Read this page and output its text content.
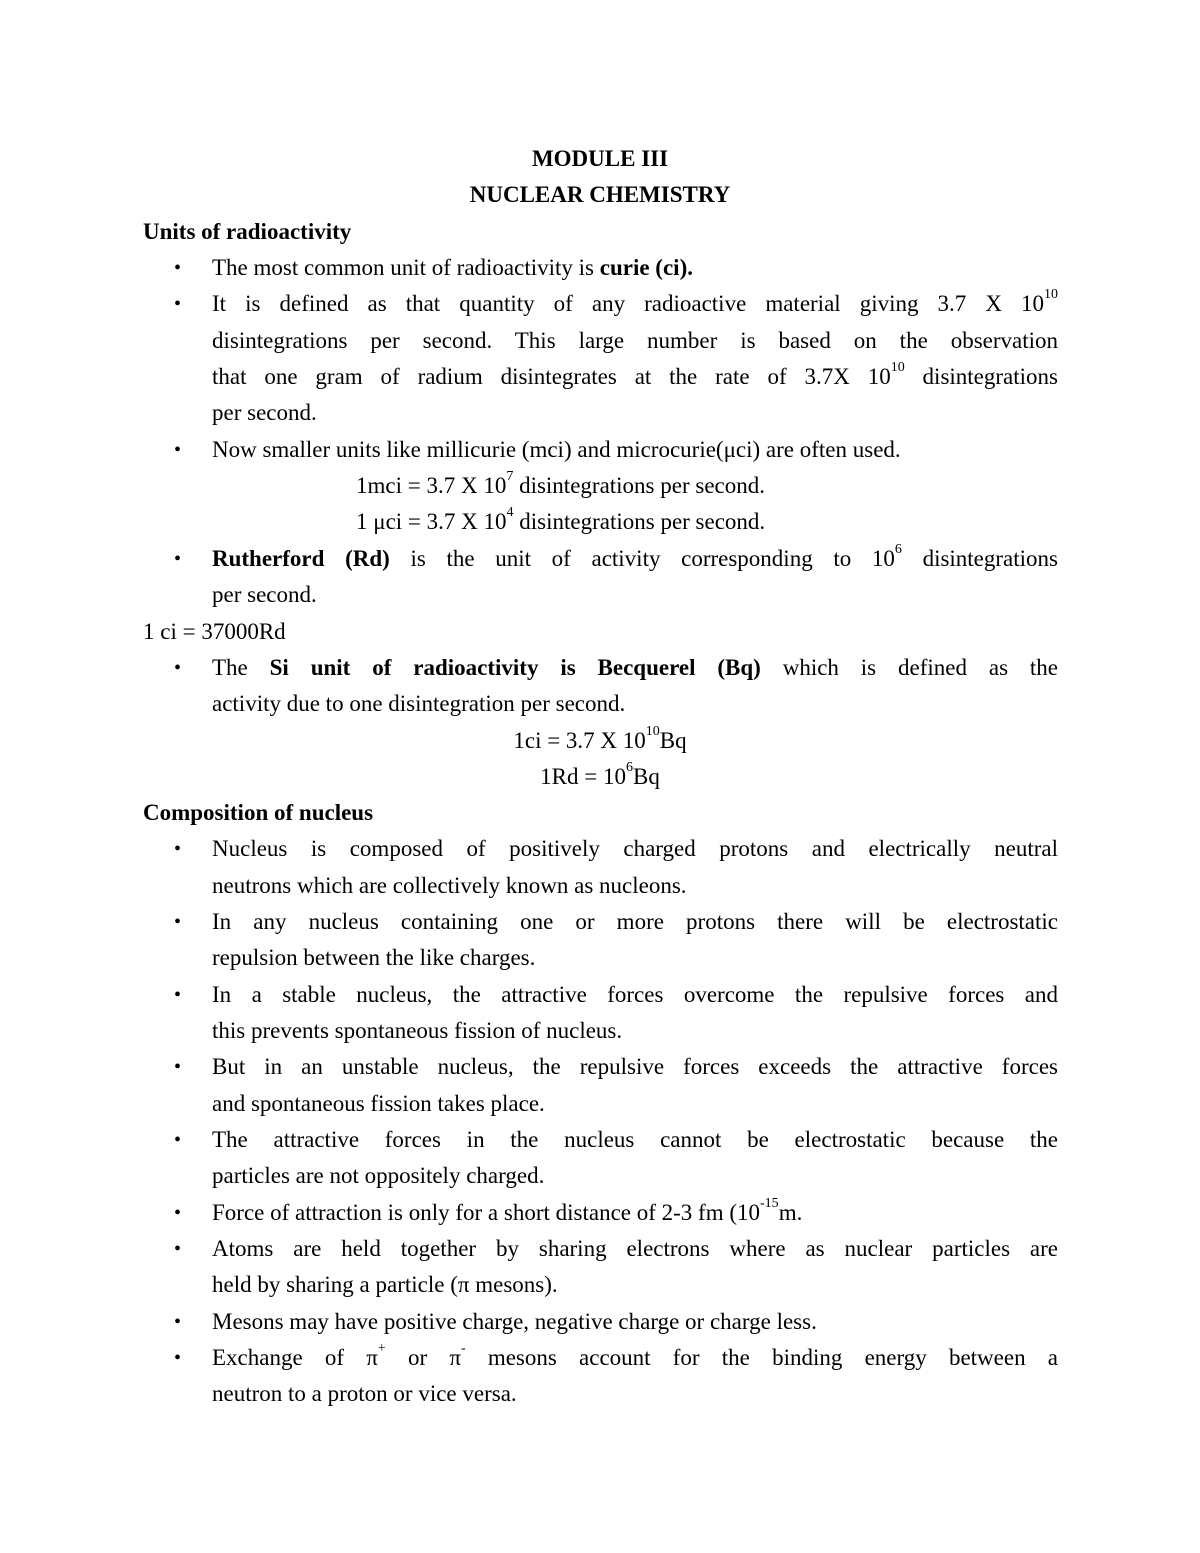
MODULE III
NUCLEAR CHEMISTRY
Units of radioactivity
•	The most common unit of radioactivity is curie (ci).
•	It is defined as that quantity of any radioactive material giving 3.7 X $10^{10}$
disintegrations per second. This large number is based on the observation
that one gram of radium disintegrates at the rate of 3.7X $10^{10}$ disintegrations
per second.
•	Now smaller units like millicurie (mci) and microcurie(μci) are often used.
1mci = 3.7 X $10^7$ disintegrations per second.
1 μci = 3.7 X $10^4$ disintegrations per second.
•	Rutherford (Rd) is the unit of activity corresponding to $10^6$ disintegrations
per second.
1 ci = 37000Rd
•	The Si unit of radioactivity is Becquerel (Bq) which is defined as the
activity due to one disintegration per second.
1ci = 3.7 X $10^{10}Bq$
$1Rd = 10^6Bq$
Composition of nucleus
•	Nucleus is composed of positively charged protons and electrically neutral
neutrons which are collectively known as nucleons.
•	In any nucleus containing one or more protons there will be electrostatic
repulsion between the like charges.
•	In a stable nucleus, the attractive forces overcome the repulsive forces and
this prevents spontaneous fission of nucleus.
•	But in an unstable nucleus, the repulsive forces exceeds the attractive forces
and spontaneous fission takes place.
•	The attractive forces in the nucleus cannot be electrostatic because the
particles are not oppositely charged.
•	Force of attraction is only for a short distance of 2-3 fm ($10^{-15}m$.
•	Atoms are held together by sharing electrons where as nuclear particles are
held by sharing a particle (π mesons).
•	Mesons may have positive charge, negative charge or charge less.
•	Exchange of π+ or π- mesons account for the binding energy between a
neutron to a proton or vice versa.
